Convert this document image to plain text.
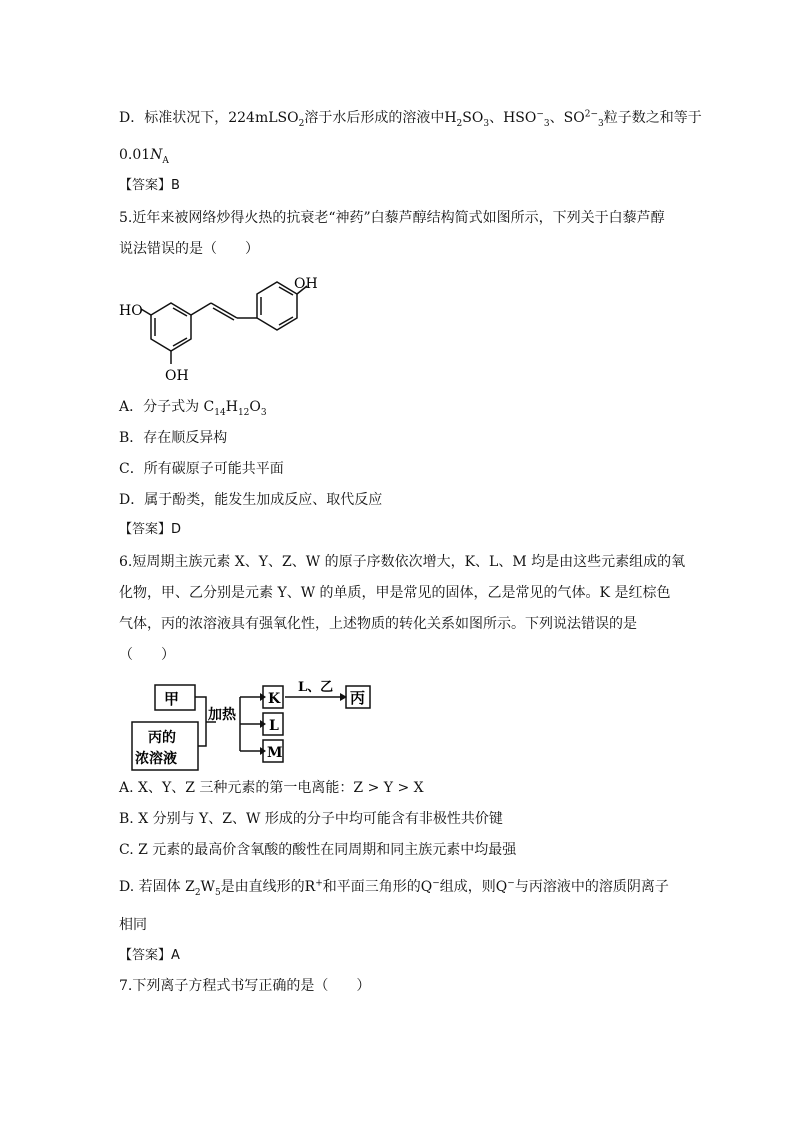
D．标准状况下，224mLSO$_2$溶于水后形成的溶液中$H_2SO_3$、$HSO^-_3$、$SO^{2-}_3$粒子数之和等于
$0.01N_A$
【答案】B
5.近年来被网络炒得火热的抗衰老“神药”白藜芦醇结构简式如图所示，下列关于白藜芦醇
说法错误的是（　　）
OH
HO
OH
A．分子式为 $C_{14}H_{12}O_3$
B．存在顺反异构
C．所有碳原子可能共平面
D．属于酚类，能发生加成反应、取代反应
【答案】D
6.短周期主族元素 X、Y、Z、W 的原子序数依次增大，K、L、M 均是由这些元素组成的氧
化物，甲、乙分别是元素 Y、W 的单质，甲是常见的固体，乙是常见的气体。K 是红棕色
气体，丙的浓溶液具有强氧化性，上述物质的转化关系如图所示。下列说法错误的是
（　　）
甲
丙的
浓溶液
加热
K
L
M
L、乙
丙
A. X、Y、Z 三种元素的第一电离能：Z > Y > X
B. X 分别与 Y、Z、W 形成的分子中均可能含有非极性共价键
C. Z 元素的最高价含氧酸的酸性在同周期和同主族元素中均最强
D. 若固体 $Z_2W_5$是由直线形的R+和平面三角形的Q−组成，则Q−与丙溶液中的溶质阴离子
相同
【答案】A
7.下列离子方程式书写正确的是（　　）
